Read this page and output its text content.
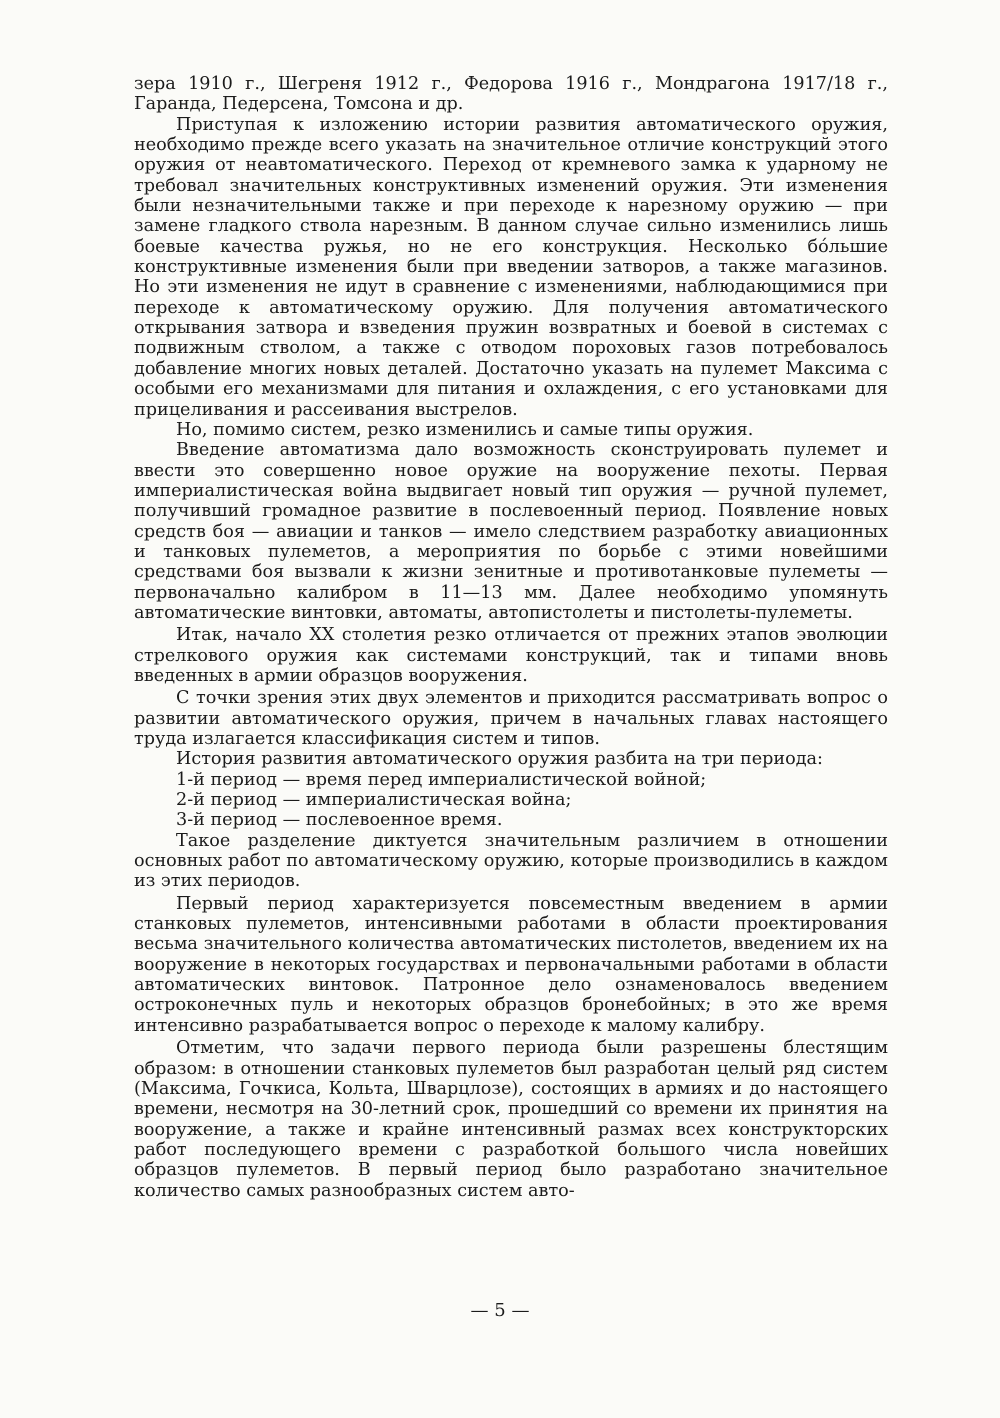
зера 1910 г., Шегреня 1912 г., Федорова 1916 г., Мондрагона 1917/18 г., Гаранда, Педерсена, Томсона и др.

Приступая к изложению истории развития автоматического оружия, необходимо прежде всего указать на значительное отличие конструкций этого оружия от неавтоматического. Переход от кремневого замка к ударному не требовал значительных конструктивных изменений оружия. Эти изменения были незначительными также и при переходе к нарезному оружию — при замене гладкого ствола нарезным. В данном случае сильно изменились лишь боевые качества ружья, но не его конструкция. Несколько бо́льшие конструктивные изменения были при введении затворов, а также магазинов. Но эти изменения не идут в сравнение с изменениями, наблюдающимися при переходе к автоматическому оружию. Для получения автоматического открывания затвора и взведения пружин возвратных и боевой в системах с подвижным стволом, а также с отводом пороховых газов потребовалось добавление многих новых деталей. Достаточно указать на пулемет Максима с особыми его механизмами для питания и охлаждения, с его установками для прицеливания и рассеивания выстрелов.

Но, помимо систем, резко изменились и самые типы оружия.

Введение автоматизма дало возможность сконструировать пулемет и ввести это совершенно новое оружие на вооружение пехоты. Первая империалистическая война выдвигает новый тип оружия — ручной пулемет, получивший громадное развитие в послевоенный период. Появление новых средств боя — авиации и танков — имело следствием разработку авиационных и танковых пулеметов, а мероприятия по борьбе с этими новейшими средствами боя вызвали к жизни зенитные и противотанковые пулеметы — первоначально калибром в 11—13 мм. Далее необходимо упомянуть автоматические винтовки, автоматы, автопистолеты и пистолеты-пулеметы.

Итак, начало XX столетия резко отличается от прежних этапов эволюции стрелкового оружия как системами конструкций, так и типами вновь введенных в армии образцов вооружения.

С точки зрения этих двух элементов и приходится рассматривать вопрос о развитии автоматического оружия, причем в начальных главах настоящего труда излагается классификация систем и типов.

История развития автоматического оружия разбита на три периода:

1-й период — время перед империалистической войной;

2-й период — империалистическая война;

3-й период — послевоенное время.

Такое разделение диктуется значительным различием в отношении основных работ по автоматическому оружию, которые производились в каждом из этих периодов.

Первый период характеризуется повсеместным введением в армии станковых пулеметов, интенсивными работами в области проектирования весьма значительного количества автоматических пистолетов, введением их на вооружение в некоторых государствах и первоначальными работами в области автоматических винтовок. Патронное дело ознаменовалось введением остроконечных пуль и некоторых образцов бронебойных; в это же время интенсивно разрабатывается вопрос о переходе к малому калибру.

Отметим, что задачи первого периода были разрешены блестящим образом: в отношении станковых пулеметов был разработан целый ряд систем (Максима, Гочкиса, Кольта, Шварцлозе), состоящих в армиях и до настоящего времени, несмотря на 30-летний срок, прошедший со времени их принятия на вооружение, а также и крайне интенсивный размах всех конструкторских работ последующего времени с разработкой большого числа новейших образцов пулеметов. В первый период было разработано значительное количество самых разнообразных систем авто-

— 5 —
